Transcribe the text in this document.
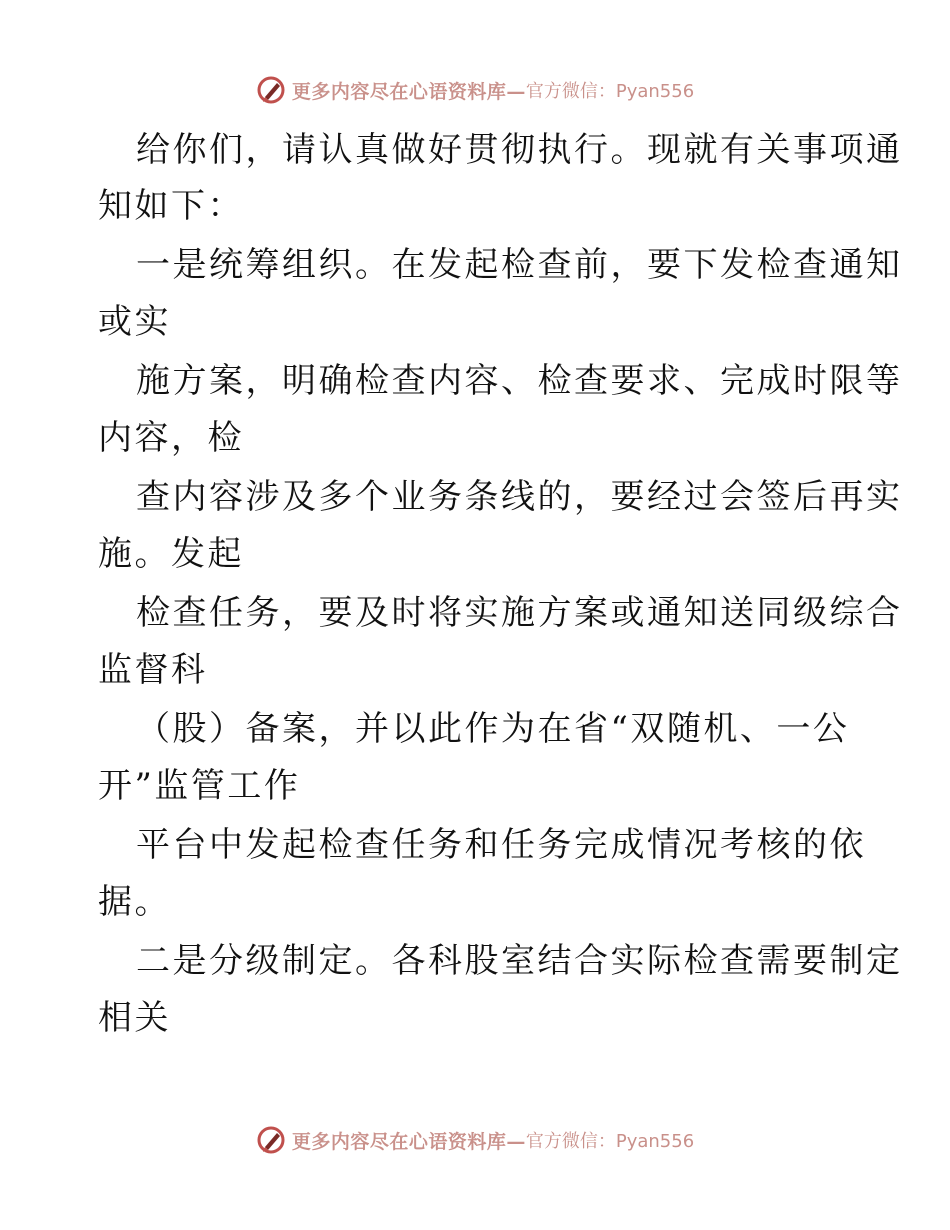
更多内容尽在心语资料库— 官方微信：Pyan556
给你们，请认真做好贯彻执行。现就有关事项通
知如下：
一是统筹组织。在发起检查前，要下发检查通知
或实
施方案，明确检查内容、检查要求、完成时限等
内容，检
查内容涉及多个业务条线的，要经过会签后再实
施。发起
检查任务，要及时将实施方案或通知送同级综合
监督科
（股）备案，并以此作为在省“双随机、一公
开”监管工作
平台中发起检查任务和任务完成情况考核的依
据。
二是分级制定。各科股室结合实际检查需要制定
相关
更多内容尽在心语资料库— 官方微信：Pyan556
